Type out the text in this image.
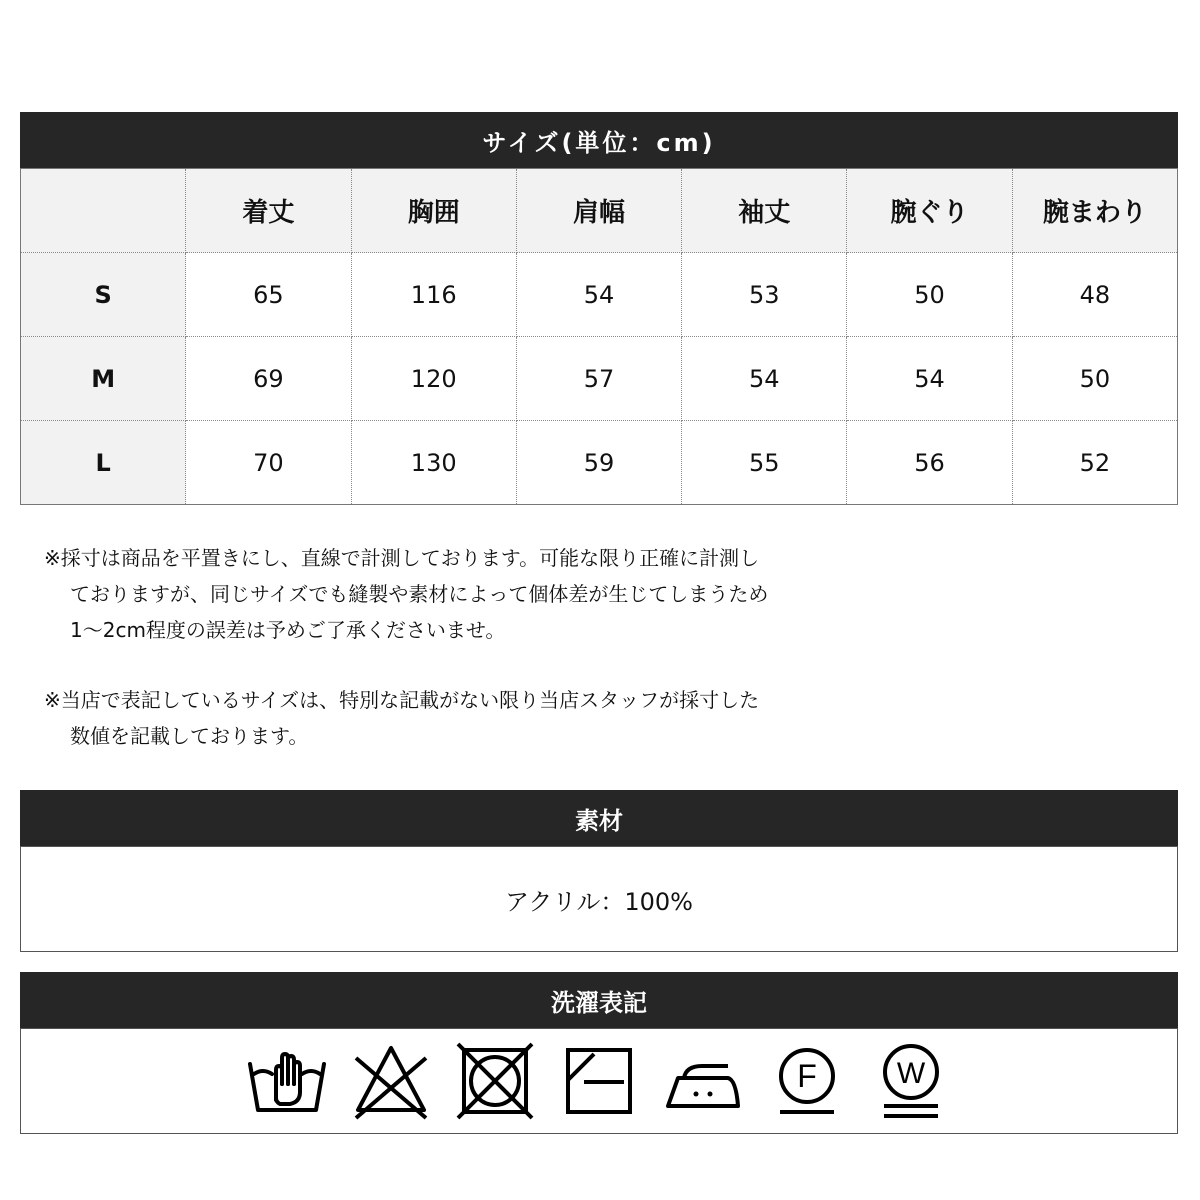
サイズ(単位：cm)
	着丈	胸囲	肩幅	袖丈	腕ぐり	腕まわり
S	65	116	54	53	50	48
M	69	120	57	54	54	50
L	70	130	59	55	56	52
※採寸は商品を平置きにし、直線で計測しております。可能な限り正確に計測し
ておりますが、同じサイズでも縫製や素材によって個体差が生じてしまうため
1〜2cm程度の誤差は予めご了承くださいませ。
※当店で表記しているサイズは、特別な記載がない限り当店スタッフが採寸した
数値を記載しております。
素材
アクリル：100%
洗濯表記
F	W
